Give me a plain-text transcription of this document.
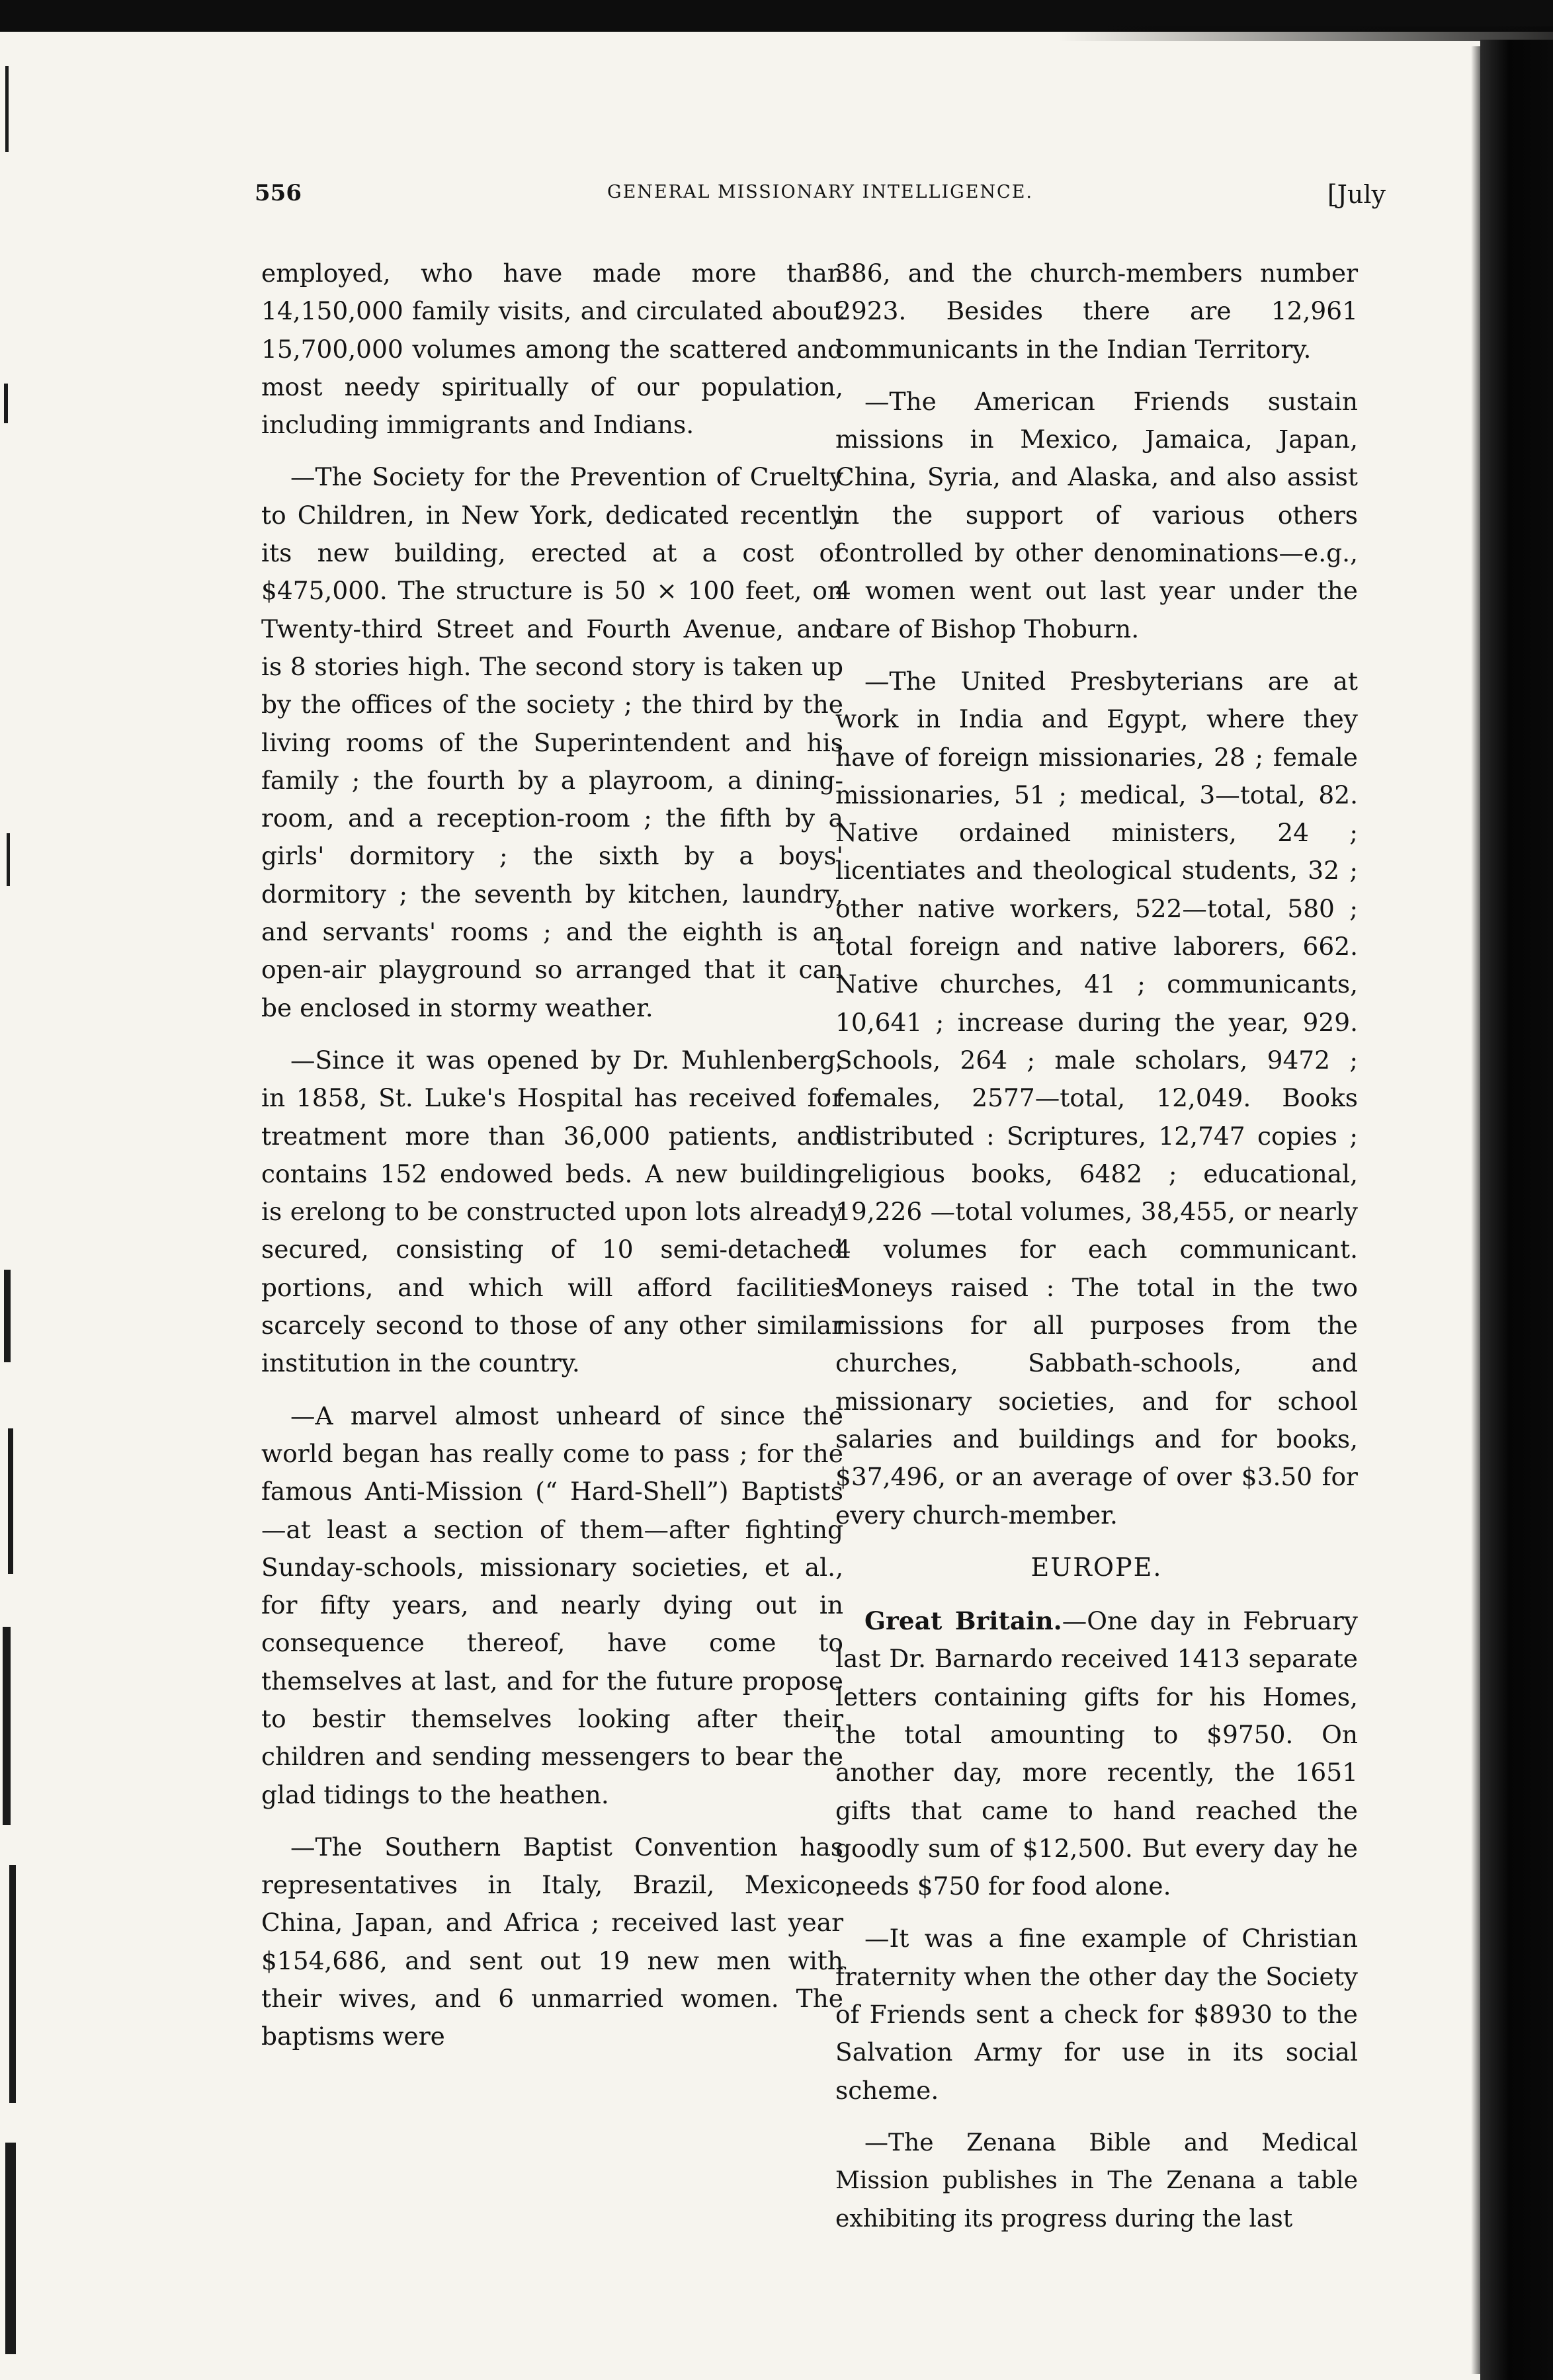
556	GENERAL MISSIONARY INTELLIGENCE.	[July

employed, who have made more than 14,150,000 family visits, and circulated about 15,700,000 volumes among the scattered and most needy spiritually of our population, including immigrants and Indians.

—The Society for the Prevention of Cruelty to Children, in New York, dedicated recently its new building, erected at a cost of $475,000. The structure is 50 × 100 feet, on Twenty-third Street and Fourth Avenue, and is 8 stories high. The second story is taken up by the offices of the society ; the third by the living rooms of the Superintendent and his family ; the fourth by a playroom, a dining-room, and a reception-room ; the fifth by a girls' dormitory ; the sixth by a boys' dormitory ; the seventh by kitchen, laundry, and servants' rooms ; and the eighth is an open-air playground so arranged that it can be enclosed in stormy weather.

—Since it was opened by Dr. Muhlenberg, in 1858, St. Luke's Hospital has received for treatment more than 36,000 patients, and contains 152 endowed beds. A new building is erelong to be constructed upon lots already secured, consisting of 10 semi-detached portions, and which will afford facilities scarcely second to those of any other similar institution in the country.

—A marvel almost unheard of since the world began has really come to pass ; for the famous Anti-Mission (“ Hard-Shell”) Baptists—at least a section of them—after fighting Sunday-schools, missionary societies, et al., for fifty years, and nearly dying out in consequence thereof, have come to themselves at last, and for the future propose to bestir themselves looking after their children and sending messengers to bear the glad tidings to the heathen.

—The Southern Baptist Convention has representatives in Italy, Brazil, Mexico, China, Japan, and Africa ; received last year $154,686, and sent out 19 new men with their wives, and 6 unmarried women. The baptisms were

386, and the church-members number 2923. Besides there are 12,961 communicants in the Indian Territory.

—The American Friends sustain missions in Mexico, Jamaica, Japan, China, Syria, and Alaska, and also assist in the support of various others controlled by other denominations—e.g., 4 women went out last year under the care of Bishop Thoburn.

—The United Presbyterians are at work in India and Egypt, where they have of foreign missionaries, 28 ; female missionaries, 51 ; medical, 3—total, 82. Native ordained ministers, 24 ; licentiates and theological students, 32 ; other native workers, 522—total, 580 ; total foreign and native laborers, 662. Native churches, 41 ; communicants, 10,641 ; increase during the year, 929. Schools, 264 ; male scholars, 9472 ; females, 2577—total, 12,049. Books distributed : Scriptures, 12,747 copies ; religious books, 6482 ; educational, 19,226 —total volumes, 38,455, or nearly 4 volumes for each communicant. Moneys raised : The total in the two missions for all purposes from the churches, Sabbath-schools, and missionary societies, and for school salaries and buildings and for books, $37,496, or an average of over $3.50 for every church-member.

EUROPE.

Great Britain.—One day in February last Dr. Barnardo received 1413 separate letters containing gifts for his Homes, the total amounting to $9750. On another day, more recently, the 1651 gifts that came to hand reached the goodly sum of $12,500. But every day he needs $750 for food alone.

—It was a fine example of Christian fraternity when the other day the Society of Friends sent a check for $8930 to the Salvation Army for use in its social scheme.

—The Zenana Bible and Medical Mission publishes in The Zenana a table exhibiting its progress during the last
